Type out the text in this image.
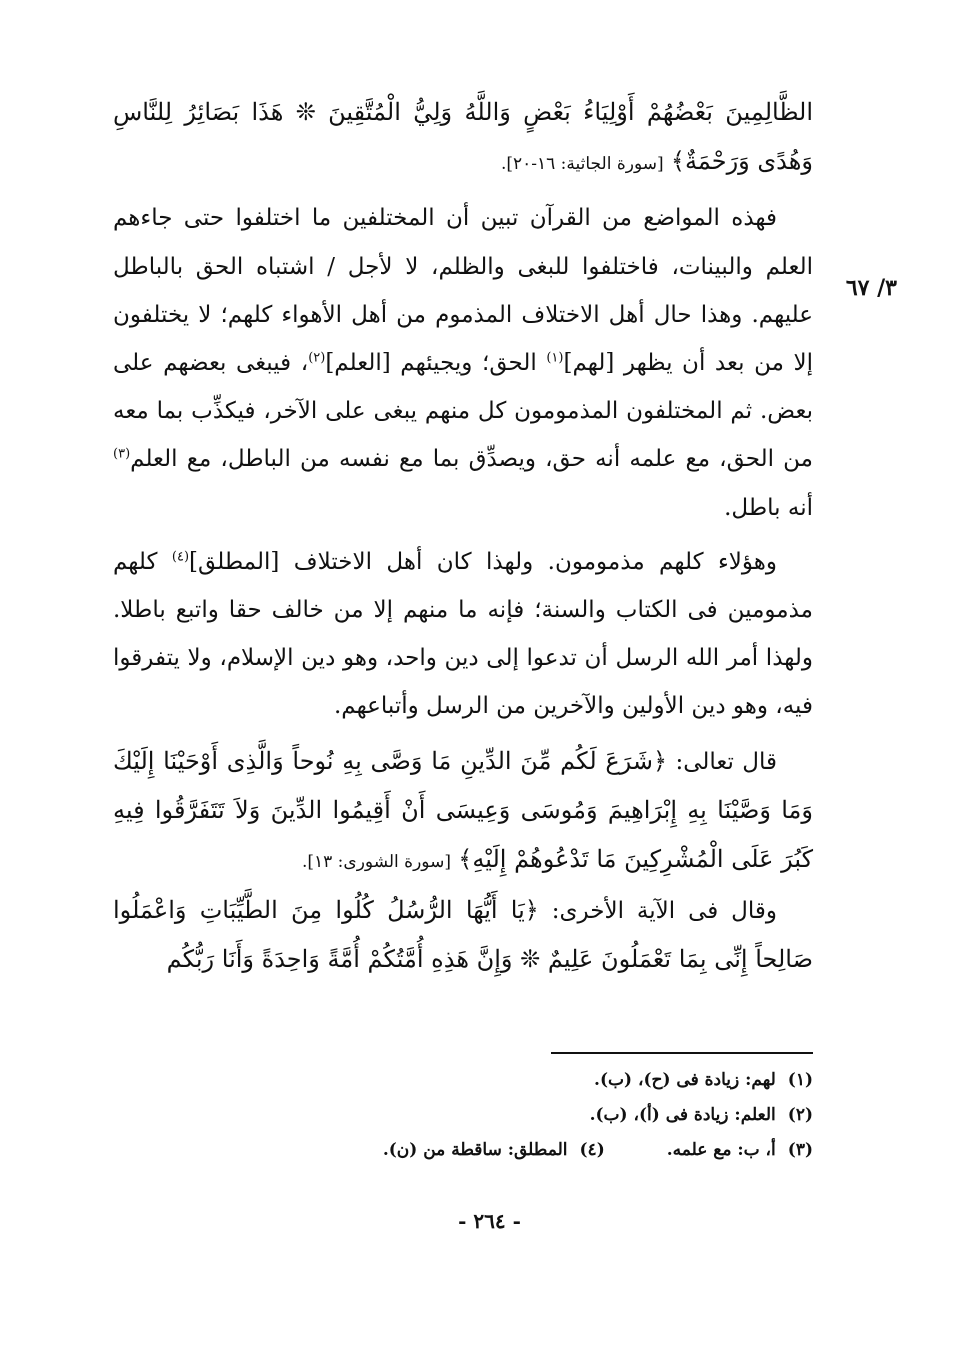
٣/ ٦٧

الظَّالِمِينَ بَعْضُهُمْ أَوْلِيَاءُ بَعْضٍ وَاللَّهُ وَلِيُّ الْمُتَّقِينَ ❊ هَذَا بَصَائِرُ لِلنَّاسِ وَهُدًى وَرَحْمَةٌ﴾ [سورة الجاثية: ١٦-٢٠].

فهذه المواضع من القرآن تبين أن المختلفين ما اختلفوا حتى جاءهم العلم والبينات، فاختلفوا للبغى والظلم، لا لأجل / اشتباه الحق بالباطل عليهم. وهذا حال أهل الاختلاف المذموم من أهل الأهواء كلهم؛ لا يختلفون إلا من بعد أن يظهر [لهم]$^{(١)}$ الحق؛ ويجيئهم [العلم]$^{(٢)}$، فيبغى بعضهم على بعض. ثم المختلفون المذمومون كل منهم يبغى على الآخر، فيكذِّب بما معه من الحق، مع علمه أنه حق، ويصدِّق بما مع نفسه من الباطل، مع العلم$^{(٣)}$ أنه باطل.

وهؤلاء كلهم مذمومون. ولهذا كان أهل الاختلاف [المطلق]$^{(٤)}$ كلهم مذمومين فى الكتاب والسنة؛ فإنه ما منهم إلا من خالف حقا واتبع باطلا. ولهذا أمر الله الرسل أن تدعوا إلى دين واحد، وهو دين الإسلام، ولا يتفرقوا فيه، وهو دين الأولين والآخرين من الرسل وأتباعهم.

قال تعالى: ﴿شَرَعَ لَكُم مِّنَ الدِّينِ مَا وَصَّى بِهِ نُوحاً وَالَّذِى أَوْحَيْنَا إِلَيْكَ وَمَا وَصَّيْنَا بِهِ إِبْرَاهِيمَ وَمُوسَى وَعِيسَى أَنْ أَقِيمُوا الدِّينَ وَلاَ تَتَفَرَّقُوا فِيهِ كَبُرَ عَلَى الْمُشْرِكِينَ مَا تَدْعُوهُمْ إِلَيْهِ﴾ [سورة الشورى: ١٣].

وقال فى الآية الأخرى: ﴿يَا أَيُّهَا الرُّسُلُ كُلُوا مِنَ الطَّيِّبَاتِ وَاعْمَلُوا صَالِحاً إِنِّى بِمَا تَعْمَلُونَ عَلِيمٌ ❊ وَإِنَّ هَذِهِ أُمَّتُكُمْ أُمَّةً وَاحِدَةً وَأَنَا رَبُّكُم

(١)لهم: زيادة فى (ح)، (ب).
(٢)العلم: زيادة فى (أ)، (ب).
(٣)أ، ب: مع علمه.(٤)المطلق: ساقطة من (ن).
- ٢٦٤ -
